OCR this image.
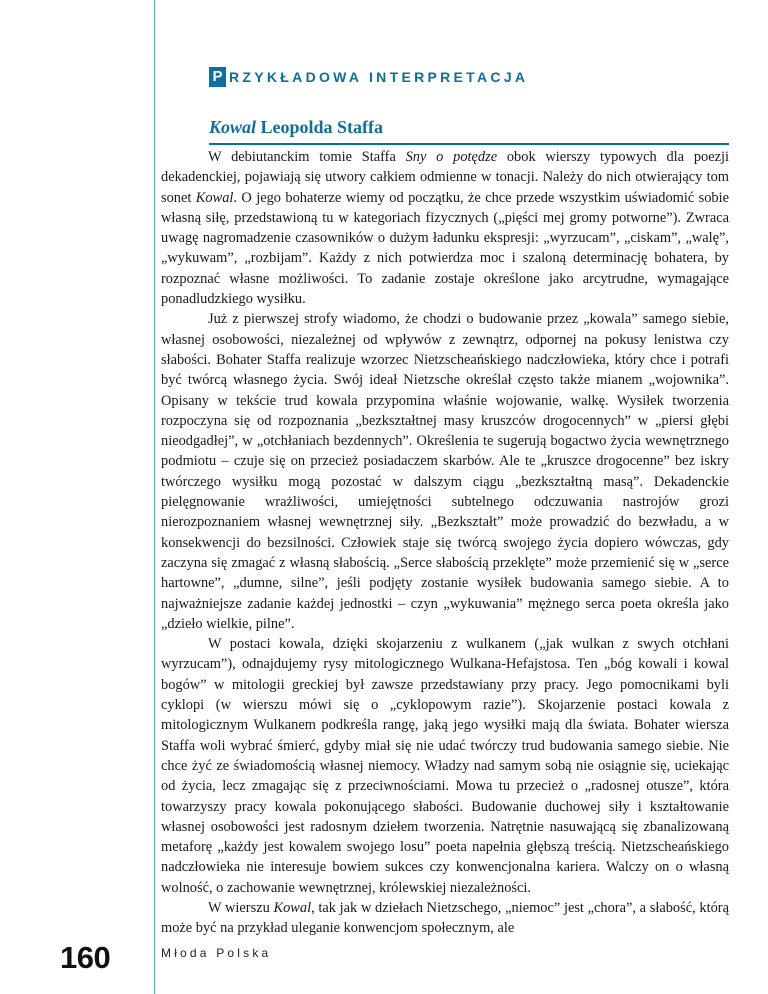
P RZYKŁADOWA INTERPRETACJA
Kowal Leopolda Staffa

W debiutanckim tomie Staffa Sny o potędze obok wierszy typowych dla poezji dekadenckiej, pojawiają się utwory całkiem odmienne w tonacji. Należy do nich otwierający tom sonet Kowal. O jego bohaterze wiemy od początku, że chce przede wszystkim uświadomić sobie własną siłę, przedstawioną tu w kategoriach fizycznych („pięści mej gromy potworne”). Zwraca uwagę nagromadzenie czasowników o dużym ładunku ekspresji: „wyrzucam”, „ciskam”, „walę”, „wykuwam”, „rozbijam”. Każdy z nich potwierdza moc i szaloną determinację bohatera, by rozpoznać własne możliwości. To zadanie zostaje określone jako arcytrudne, wymagające ponadludzkiego wysiłku.

Już z pierwszej strofy wiadomo, że chodzi o budowanie przez „kowala” samego siebie, własnej osobowości, niezależnej od wpływów z zewnątrz, odpornej na pokusy lenistwa czy słabości. Bohater Staffa realizuje wzorzec Nietzscheańskiego nadczłowieka, który chce i potrafi być twórcą własnego życia. Swój ideał Nietzsche określał często także mianem „wojownika”. Opisany w tekście trud kowala przypomina właśnie wojowanie, walkę. Wysiłek tworzenia rozpoczyna się od rozpoznania „bezkształtnej masy kruszców drogocennych” w „piersi głębi nieodgadłej”, w „otchłaniach bezdennych”. Określenia te sugerują bogactwo życia wewnętrznego podmiotu – czuje się on przecież posiadaczem skarbów. Ale te „kruszce drogocenne” bez iskry twórczego wysiłku mogą pozostać w dalszym ciągu „bezkształtną masą”. Dekadenckie pielęgnowanie wrażliwości, umiejętności subtelnego odczuwania nastrojów grozi nierozpoznaniem własnej wewnętrznej siły. „Bezkształt” może prowadzić do bezwładu, a w konsekwencji do bezsilności. Człowiek staje się twórcą swojego życia dopiero wówczas, gdy zaczyna się zmagać z własną słabością. „Serce słabością przeklęte” może przemienić się w „serce hartowne”, „dumne, silne”, jeśli podjęty zostanie wysiłek budowania samego siebie. A to najważniejsze zadanie każdej jednostki – czyn „wykuwania” mężnego serca poeta określa jako „dzieło wielkie, pilne”.

W postaci kowala, dzięki skojarzeniu z wulkanem („jak wulkan z swych otchłani wyrzucam”), odnajdujemy rysy mitologicznego Wulkana-Hefajstosa. Ten „bóg kowali i kowal bogów” w mitologii greckiej był zawsze przedstawiany przy pracy. Jego pomocnikami byli cyklopi (w wierszu mówi się o „cyklopowym razie”). Skojarzenie postaci kowala z mitologicznym Wulkanem podkreśla rangę, jaką jego wysiłki mają dla świata. Bohater wiersza Staffa woli wybrać śmierć, gdyby miał się nie udać twórczy trud budowania samego siebie. Nie chce żyć ze świadomością własnej niemocy. Władzy nad samym sobą nie osiągnie się, uciekając od życia, lecz zmagając się z przeciwnościami. Mowa tu przecież o „radosnej otusze”, która towarzyszy pracy kowala pokonującego słabości. Budowanie duchowej siły i kształtowanie własnej osobowości jest radosnym dziełem tworzenia. Natrętnie nasuwającą się zbanalizowaną metaforę „każdy jest kowalem swojego losu” poeta napełnia głębszą treścią. Nietzscheańskiego nadczłowieka nie interesuje bowiem sukces czy konwencjonalna kariera. Walczy on o własną wolność, o zachowanie wewnętrznej, królewskiej niezależności.

W wierszu Kowal, tak jak w dziełach Nietzschego, „niemoc” jest „chora”, a słabość, którą może być na przykład uleganie konwencjom społecznym, ale

160	Młoda Polska
